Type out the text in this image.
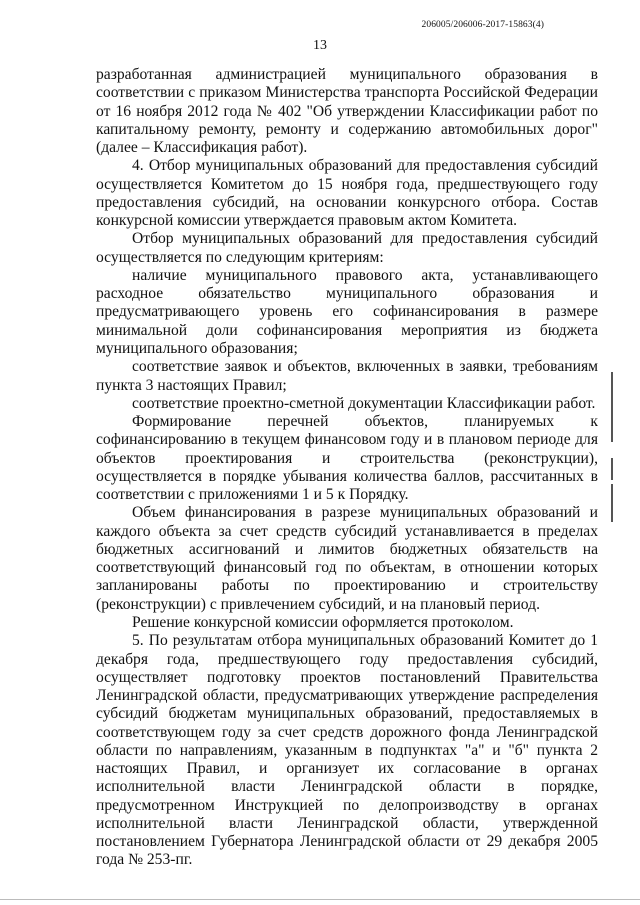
206005/206006-2017-15863(4)
13

разработанная администрацией муниципального образования в соответствии с приказом Министерства транспорта Российской Федерации от 16 ноября 2012 года № 402 "Об утверждении Классификации работ по капитальному ремонту, ремонту и содержанию автомобильных дорог" (далее – Классификация работ).

4. Отбор муниципальных образований для предоставления субсидий осуществляется Комитетом до 15 ноября года, предшествующего году предоставления субсидий, на основании конкурсного отбора. Состав конкурсной комиссии утверждается правовым актом Комитета.

Отбор муниципальных образований для предоставления субсидий осуществляется по следующим критериям:

наличие муниципального правового акта, устанавливающего расходное обязательство муниципального образования и предусматривающего уровень его софинансирования в размере минимальной доли софинансирования мероприятия из бюджета муниципального образования;

соответствие заявок и объектов, включенных в заявки, требованиям пункта 3 настоящих Правил;

соответствие проектно-сметной документации Классификации работ.

Формирование перечней объектов, планируемых к софинансированию в текущем финансовом году и в плановом периоде для объектов проектирования и строительства (реконструкции), осуществляется в порядке убывания количества баллов, рассчитанных в соответствии с приложениями 1 и 5 к Порядку.

Объем финансирования в разрезе муниципальных образований и каждого объекта за счет средств субсидий устанавливается в пределах бюджетных ассигнований и лимитов бюджетных обязательств на соответствующий финансовый год по объектам, в отношении которых запланированы работы по проектированию и строительству (реконструкции) с привлечением субсидий, и на плановый период.

Решение конкурсной комиссии оформляется протоколом.

5. По результатам отбора муниципальных образований Комитет до 1 декабря года, предшествующего году предоставления субсидий, осуществляет подготовку проектов постановлений Правительства Ленинградской области, предусматривающих утверждение распределения субсидий бюджетам муниципальных образований, предоставляемых в соответствующем году за счет средств дорожного фонда Ленинградской области по направлениям, указанным в подпунктах "а" и "б" пункта 2 настоящих Правил, и организует их согласование в органах исполнительной власти Ленинградской области в порядке, предусмотренном Инструкцией по делопроизводству в органах исполнительной власти Ленинградской области, утвержденной постановлением Губернатора Ленинградской области от 29 декабря 2005 года № 253-пг.
